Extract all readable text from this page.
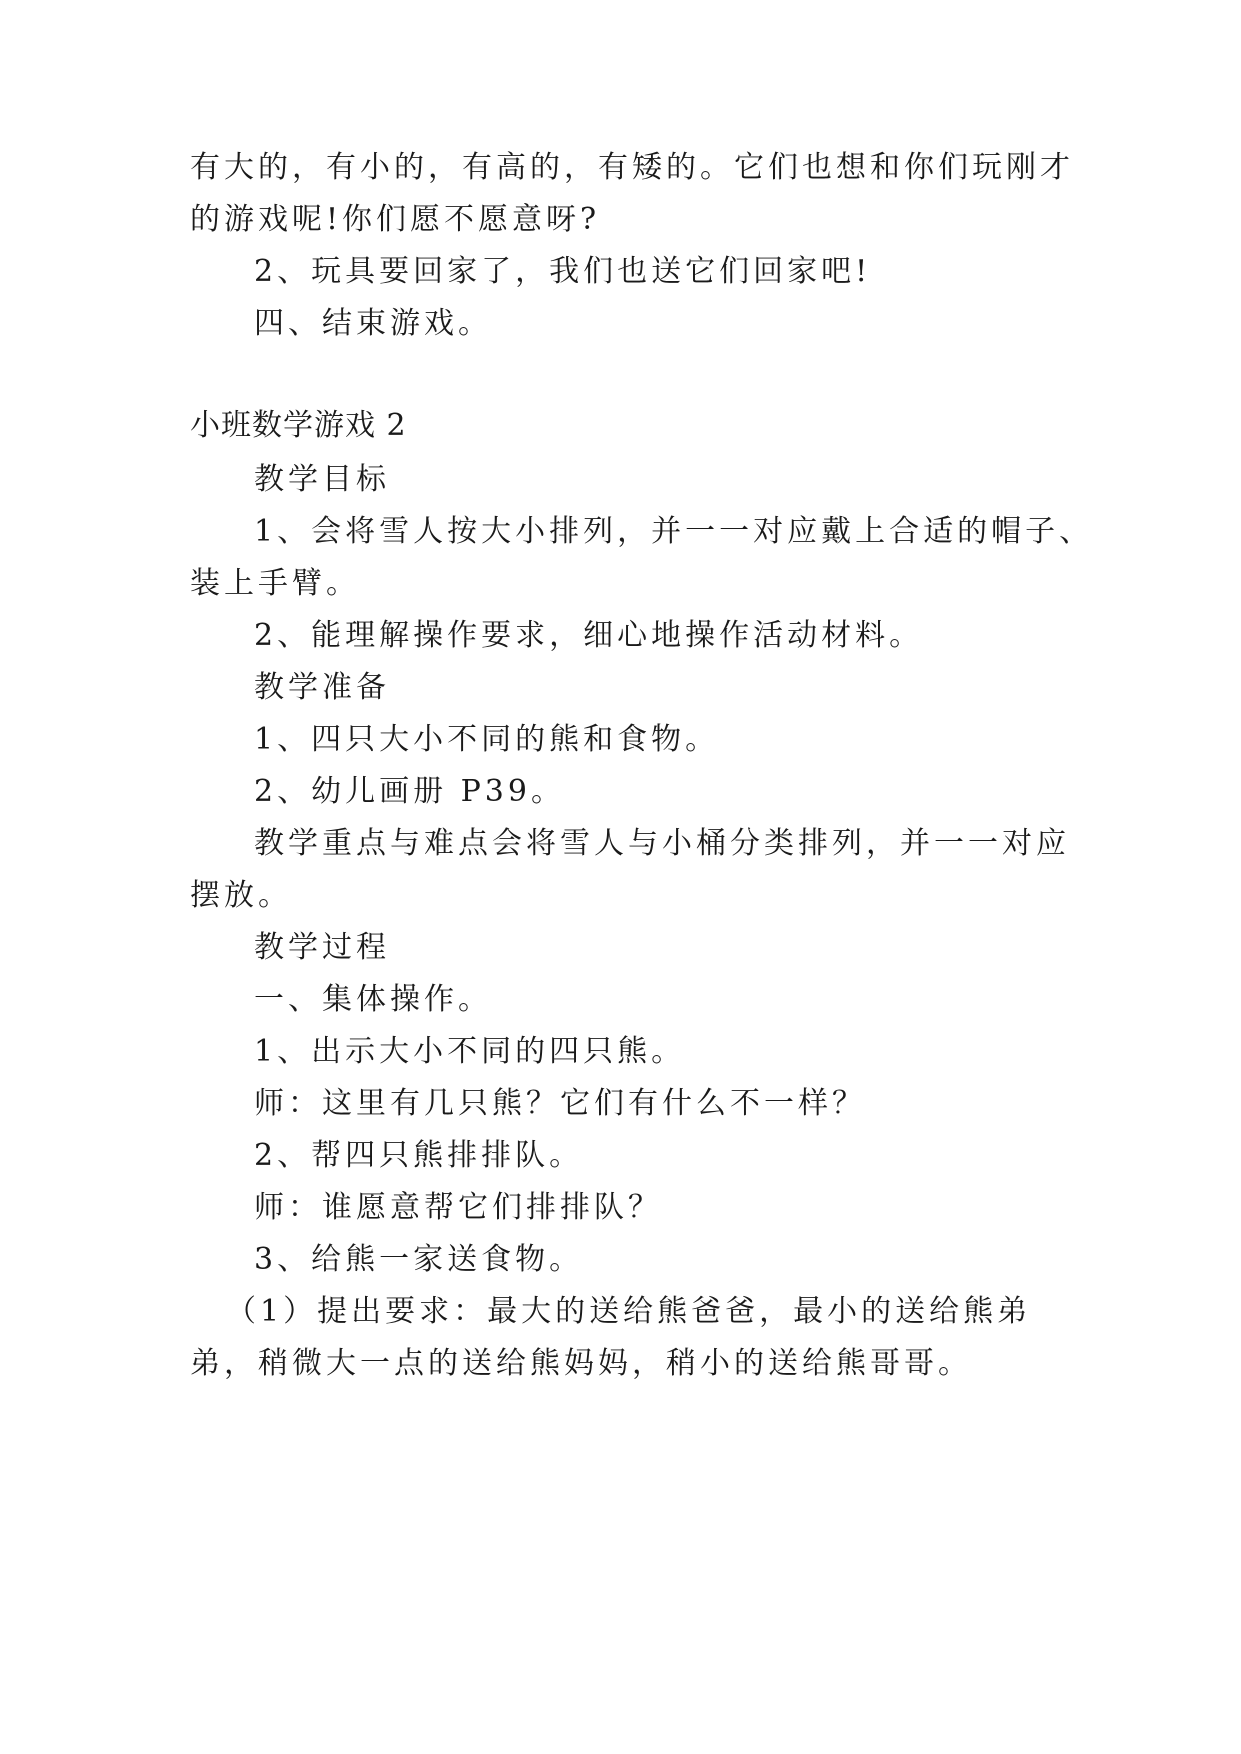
有大的，有小的，有高的，有矮的。它们也想和你们玩刚才
的游戏呢!你们愿不愿意呀?
2、玩具要回家了，我们也送它们回家吧!
四、结束游戏。
小班数学游戏 2
教学目标
1、会将雪人按大小排列，并一一对应戴上合适的帽子、
装上手臂。
2、能理解操作要求，细心地操作活动材料。
教学准备
1、四只大小不同的熊和食物。
2、幼儿画册 P39。
教学重点与难点会将雪人与小桶分类排列，并一一对应
摆放。
教学过程
一、集体操作。
1、出示大小不同的四只熊。
师：这里有几只熊？它们有什么不一样？
2、帮四只熊排排队。
师：谁愿意帮它们排排队？
3、给熊一家送食物。
（1）提出要求：最大的送给熊爸爸，最小的送给熊弟
弟，稍微大一点的送给熊妈妈，稍小的送给熊哥哥。
